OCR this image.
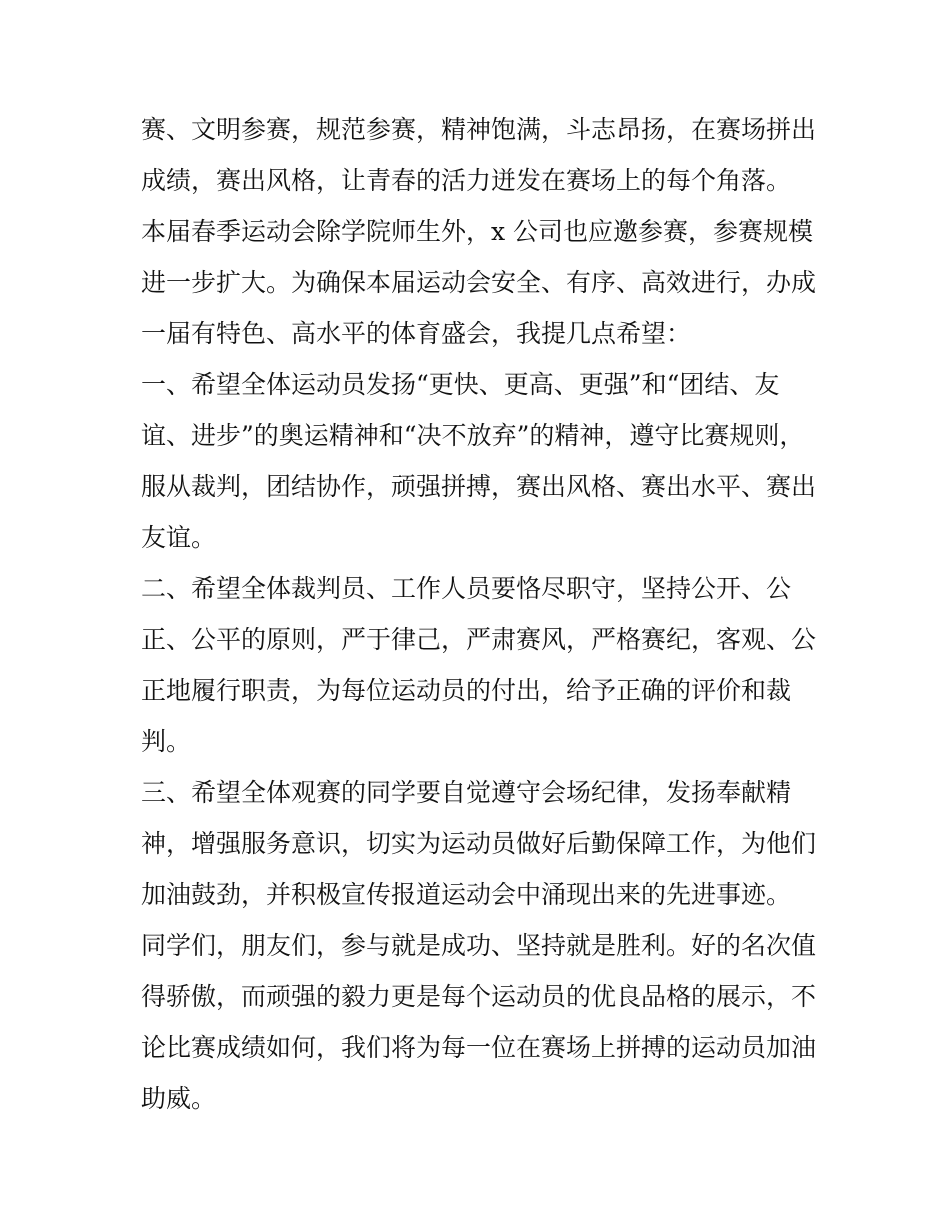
赛、文明参赛，规范参赛，精神饱满，斗志昂扬，在赛场拼出
成绩，赛出风格，让青春的活力迸发在赛场上的每个角落。
本届春季运动会除学院师生外，x 公司也应邀参赛，参赛规模
进一步扩大。为确保本届运动会安全、有序、高效进行，办成
一届有特色、高水平的体育盛会，我提几点希望：
一、希望全体运动员发扬“更快、更高、更强”和“团结、友
谊、进步”的奥运精神和“决不放弃”的精神，遵守比赛规则，
服从裁判，团结协作，顽强拼搏，赛出风格、赛出水平、赛出
友谊。
二、希望全体裁判员、工作人员要恪尽职守，坚持公开、公
正、公平的原则，严于律己，严肃赛风，严格赛纪，客观、公
正地履行职责，为每位运动员的付出，给予正确的评价和裁
判。
三、希望全体观赛的同学要自觉遵守会场纪律，发扬奉献精
神，增强服务意识，切实为运动员做好后勤保障工作，为他们
加油鼓劲，并积极宣传报道运动会中涌现出来的先进事迹。
同学们，朋友们，参与就是成功、坚持就是胜利。好的名次值
得骄傲，而顽强的毅力更是每个运动员的优良品格的展示，不
论比赛成绩如何，我们将为每一位在赛场上拼搏的运动员加油
助威。
